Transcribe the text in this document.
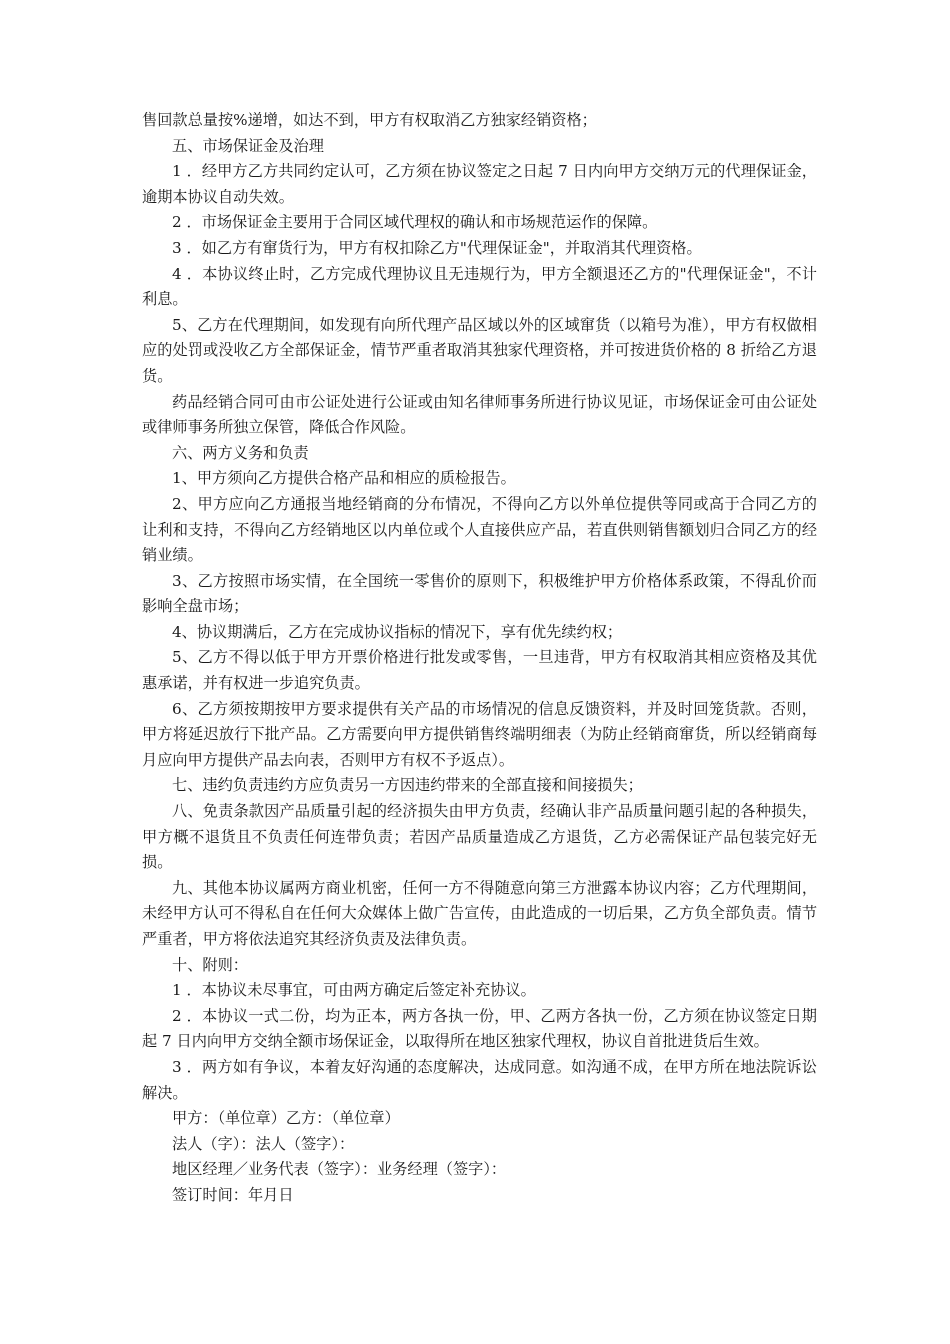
售回款总量按%递增，如达不到，甲方有权取消乙方独家经销资格；

五、市场保证金及治理

1 ．经甲方乙方共同约定认可，乙方须在协议签定之日起 7 日内向甲方交纳万元的代理保证金，逾期本协议自动失效。

2 ．市场保证金主要用于合同区域代理权的确认和市场规范运作的保障。

3 ．如乙方有窜货行为，甲方有权扣除乙方"代理保证金"，并取消其代理资格。

4 ．本协议终止时，乙方完成代理协议且无违规行为，甲方全额退还乙方的"代理保证金"，不计利息。

5、乙方在代理期间，如发现有向所代理产品区域以外的区域窜货（以箱号为准），甲方有权做相应的处罚或没收乙方全部保证金，情节严重者取消其独家代理资格，并可按进货价格的 8 折给乙方退货。

药品经销合同可由市公证处进行公证或由知名律师事务所进行协议见证，市场保证金可由公证处或律师事务所独立保管，降低合作风险。

六、两方义务和负责

1、甲方须向乙方提供合格产品和相应的质检报告。

2、甲方应向乙方通报当地经销商的分布情况，不得向乙方以外单位提供等同或高于合同乙方的让利和支持，不得向乙方经销地区以内单位或个人直接供应产品，若直供则销售额划归合同乙方的经销业绩。

3、乙方按照市场实情，在全国统一零售价的原则下，积极维护甲方价格体系政策，不得乱价而影响全盘市场；

4、协议期满后，乙方在完成协议指标的情况下，享有优先续约权；

5、乙方不得以低于甲方开票价格进行批发或零售，一旦违背，甲方有权取消其相应资格及其优惠承诺，并有权进一步追究负责。

6、乙方须按期按甲方要求提供有关产品的市场情况的信息反馈资料，并及时回笼货款。否则，甲方将延迟放行下批产品。乙方需要向甲方提供销售终端明细表（为防止经销商窜货，所以经销商每月应向甲方提供产品去向表，否则甲方有权不予返点）。

七、违约负责违约方应负责另一方因违约带来的全部直接和间接损失；

八、免责条款因产品质量引起的经济损失由甲方负责，经确认非产品质量问题引起的各种损失，甲方概不退货且不负责任何连带负责；若因产品质量造成乙方退货，乙方必需保证产品包装完好无损。

九、其他本协议属两方商业机密，任何一方不得随意向第三方泄露本协议内容；乙方代理期间，未经甲方认可不得私自在任何大众媒体上做广告宣传，由此造成的一切后果，乙方负全部负责。情节严重者，甲方将依法追究其经济负责及法律负责。

十、附则：

1 ．本协议未尽事宜，可由两方确定后签定补充协议。

2 ．本协议一式二份，均为正本，两方各执一份，甲、乙两方各执一份，乙方须在协议签定日期起 7 日内向甲方交纳全额市场保证金，以取得所在地区独家代理权，协议自首批进货后生效。

3 ．两方如有争议，本着友好沟通的态度解决，达成同意。如沟通不成，在甲方所在地法院诉讼解决。

甲方：（单位章）乙方：（单位章）

法人（字）：法人（签字）：

地区经理／业务代表（签字）：业务经理（签字）：

签订时间：年月日
